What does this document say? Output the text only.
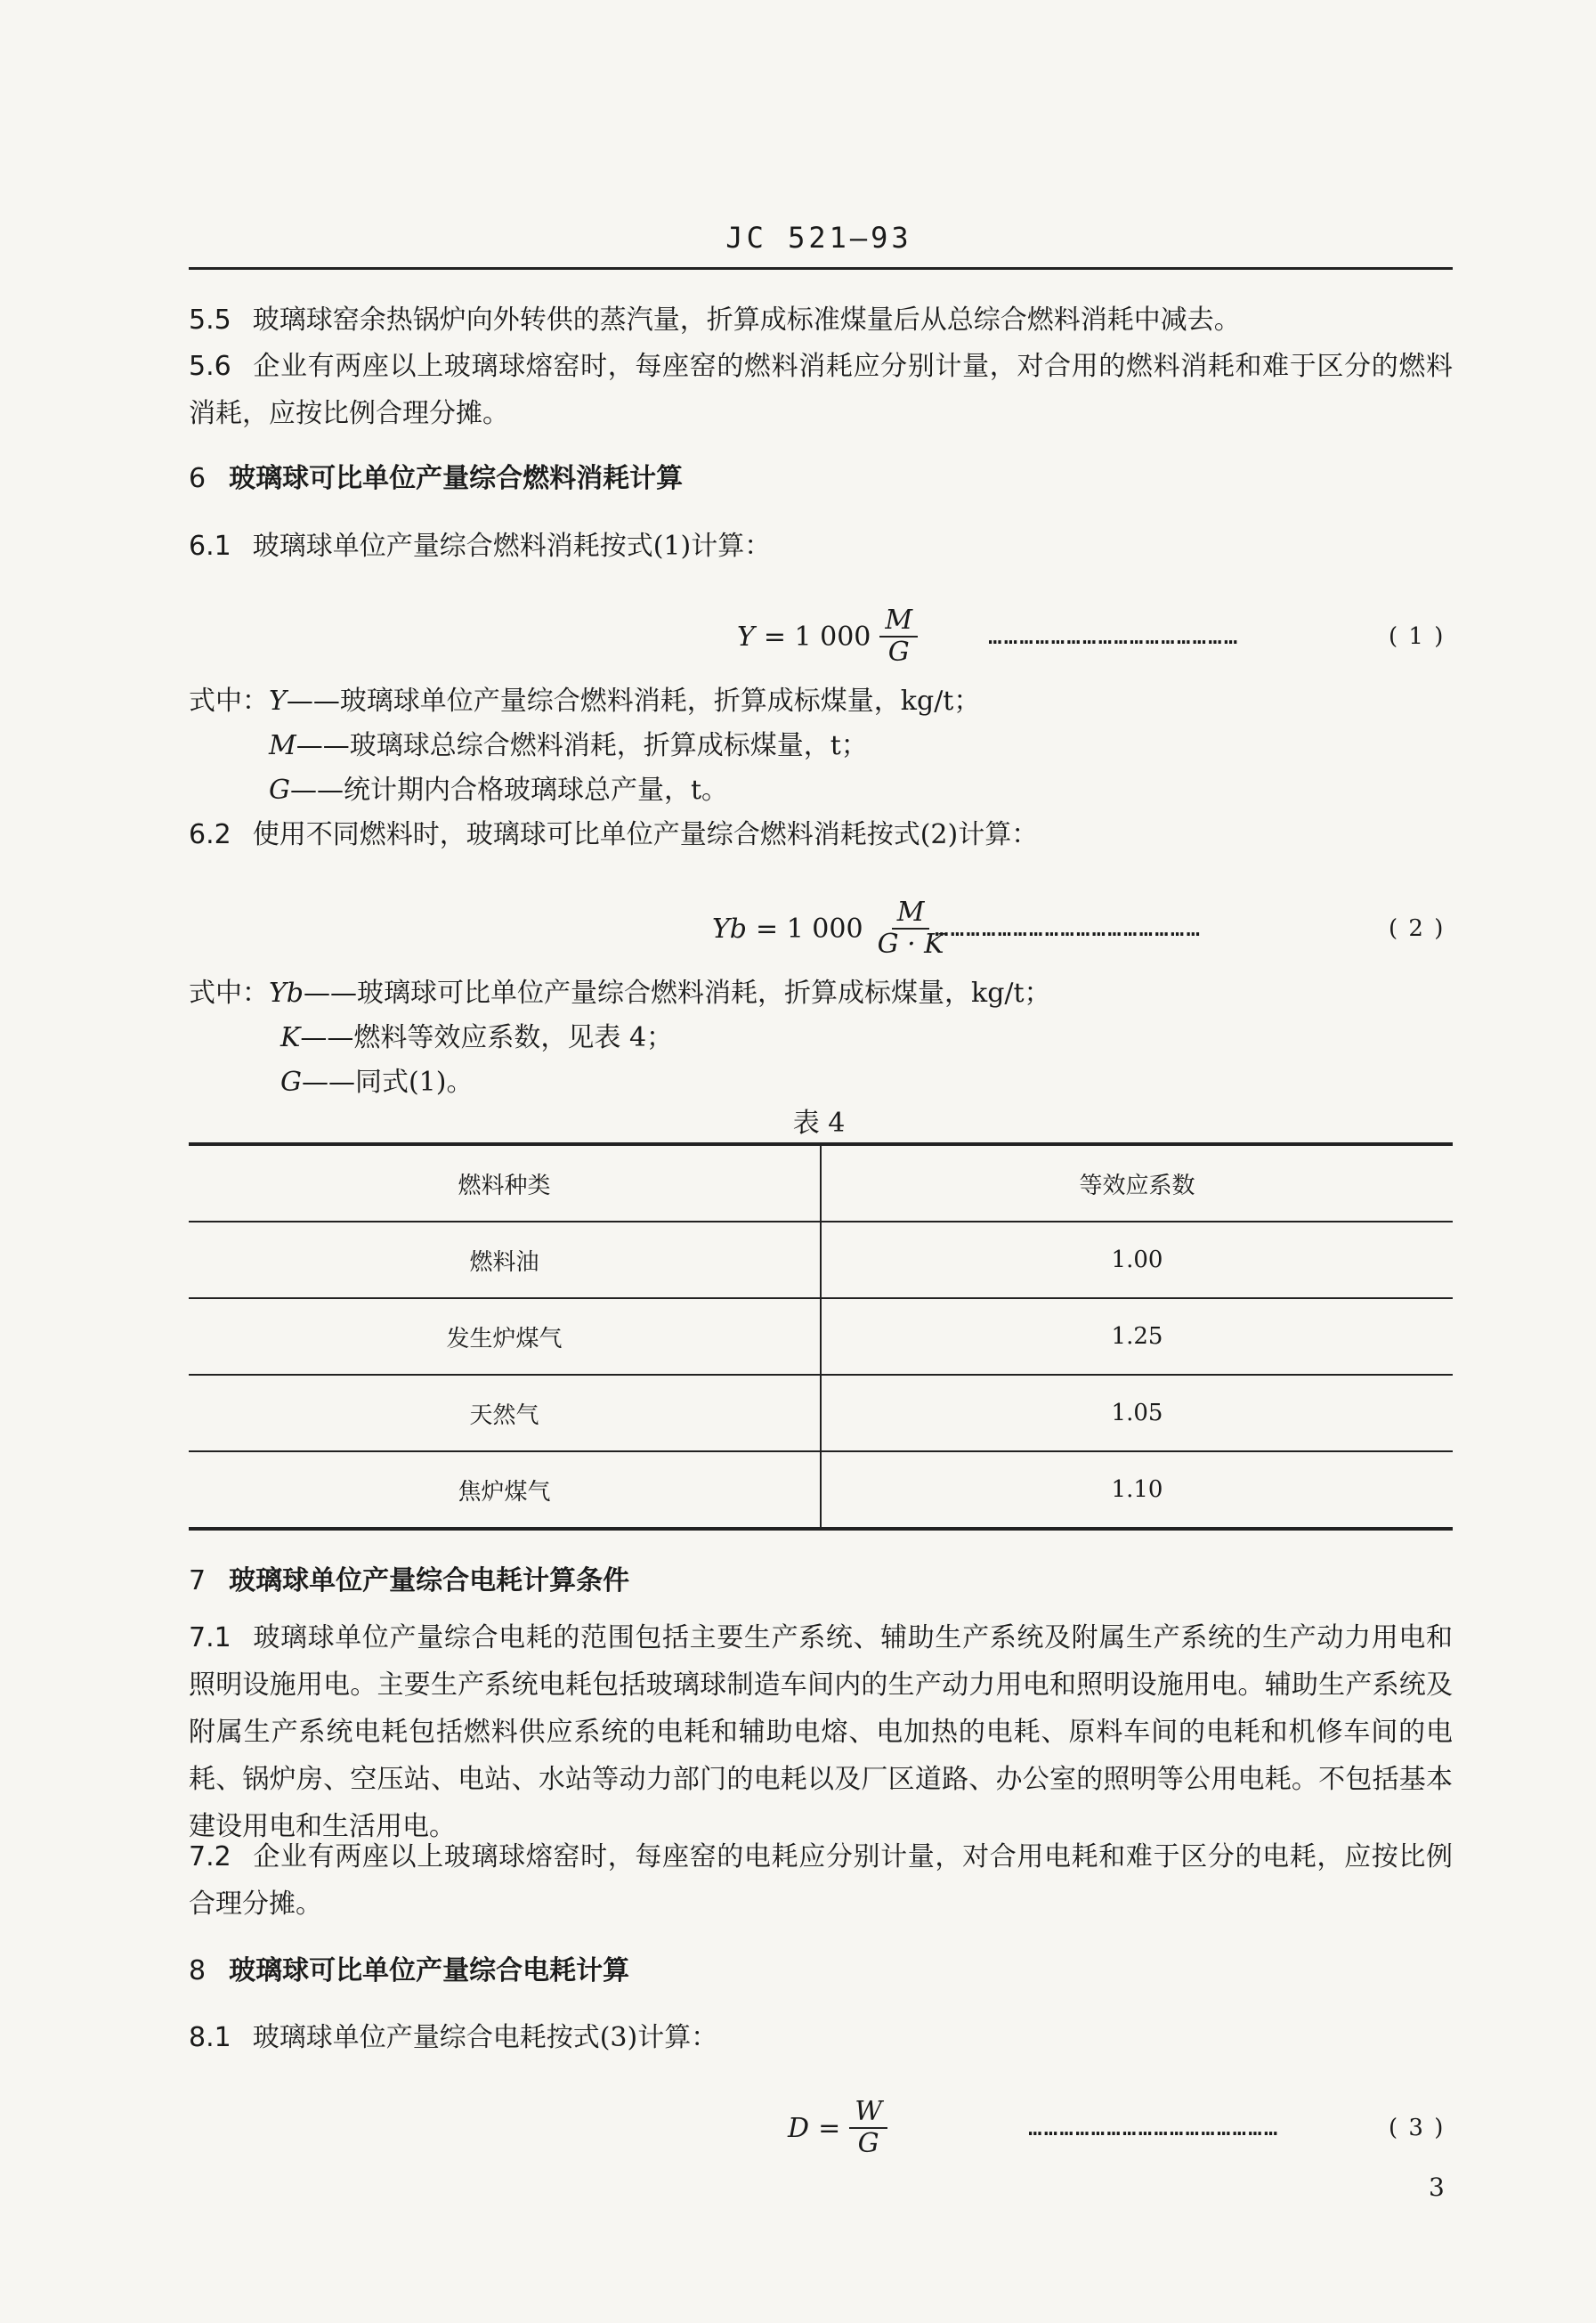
JC 521—93
5.5 玻璃球窑余热锅炉向外转供的蒸汽量，折算成标准煤量后从总综合燃料消耗中减去。
5.6 企业有两座以上玻璃球熔窑时，每座窑的燃料消耗应分别计量，对合用的燃料消耗和难于区分的燃料消耗，应按比例合理分摊。
6 玻璃球可比单位产量综合燃料消耗计算
6.1 玻璃球单位产量综合燃料消耗按式(1)计算：
Y = 1 $000 \frac{M}{G}$	…………………………………………	( 1 )
式中： Y——玻璃球单位产量综合燃料消耗，折算成标煤量，kg/t；
M——玻璃球总综合燃料消耗，折算成标煤量，t；
G——统计期内合格玻璃球总产量，t。
6.2 使用不同燃料时，玻璃球可比单位产量综合燃料消耗按式(2)计算：
Yb = 1 $000 \frac{M}{G \cdot K}$
……………………………………………	( 2 )
式中： Yb——玻璃球可比单位产量综合燃料消耗，折算成标煤量，kg/t；
K——燃料等效应系数，见表 4；
G——同式(1)。
表 4
燃料种类	等效应系数
燃料油	1.00
发生炉煤气	1.25
天然气	1.05
焦炉煤气	1.10
7 玻璃球单位产量综合电耗计算条件
7.1 玻璃球单位产量综合电耗的范围包括主要生产系统、辅助生产系统及附属生产系统的生产动力用电和照明设施用电。主要生产系统电耗包括玻璃球制造车间内的生产动力用电和照明设施用电。辅助生产系统及附属生产系统电耗包括燃料供应系统的电耗和辅助电熔、电加热的电耗、原料车间的电耗和机修车间的电耗、锅炉房、空压站、电站、水站等动力部门的电耗以及厂区道路、办公室的照明等公用电耗。不包括基本建设用电和生活用电。
7.2 企业有两座以上玻璃球熔窑时，每座窑的电耗应分别计量，对合用电耗和难于区分的电耗，应按比例合理分摊。
8 玻璃球可比单位产量综合电耗计算
8.1 玻璃球单位产量综合电耗按式(3)计算：
$D = \frac{W}{G}$	…………………………………………	( 3 )
3
